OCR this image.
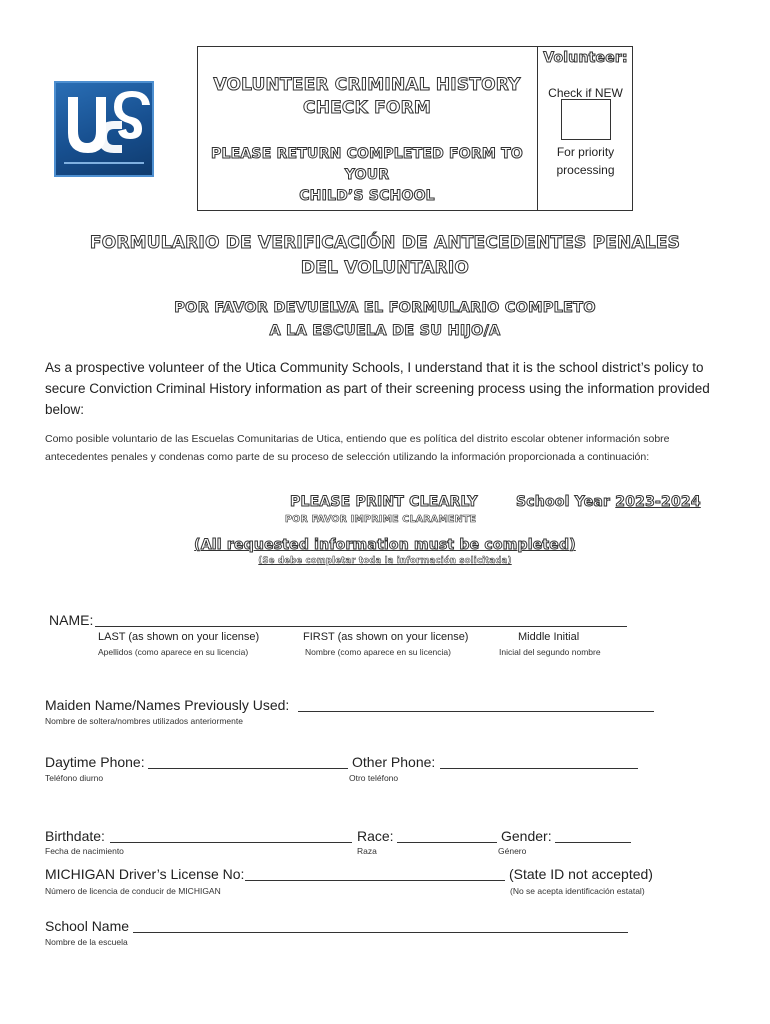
VOLUNTEER CRIMINAL HISTORY
CHECK FORM
PLEASE RETURN COMPLETED FORM TO YOUR
CHILD’S SCHOOL
Volunteer:
Check if NEW
For priority
processing
FORMULARIO DE VERIFICACIÓN DE ANTECEDENTES PENALES
DEL VOLUNTARIO
POR FAVOR DEVUELVA EL FORMULARIO COMPLETO
A LA ESCUELA DE SU HIJO/A
As a prospective volunteer of the Utica Community Schools, I understand that it is the school district’s policy to secure Conviction Criminal History information as part of their screening process using the information provided below:
Como posible voluntario de las Escuelas Comunitarias de Utica, entiendo que es política del distrito escolar obtener información sobre antecedentes penales y condenas como parte de su proceso de selección utilizando la información proporcionada a continuación:
PLEASE PRINT CLEARLY
POR FAVOR IMPRIME CLARAMENTE
School Year 2023-2024
(All requested information must be completed)
(Se debe completar toda la información solicitada)
NAME:
LAST (as shown on your license)
Apellidos (como aparece en su licencia)
FIRST (as shown on your license)
Nombre (como aparece en su licencia)
Middle Initial
Inicial del segundo nombre
Maiden Name/Names Previously Used:
Nombre de soltera/nombres utilizados anteriormente
Daytime Phone:
Teléfono diurno
Other Phone:
Otro teléfono
Birthdate:
Fecha de nacimiento
Race:
Raza
Gender:
Género
MICHIGAN Driver’s License No:	(State ID not accepted)
Número de licencia de conducir de MICHIGAN	(No se acepta identificación estatal)
School Name
Nombre de la escuela
